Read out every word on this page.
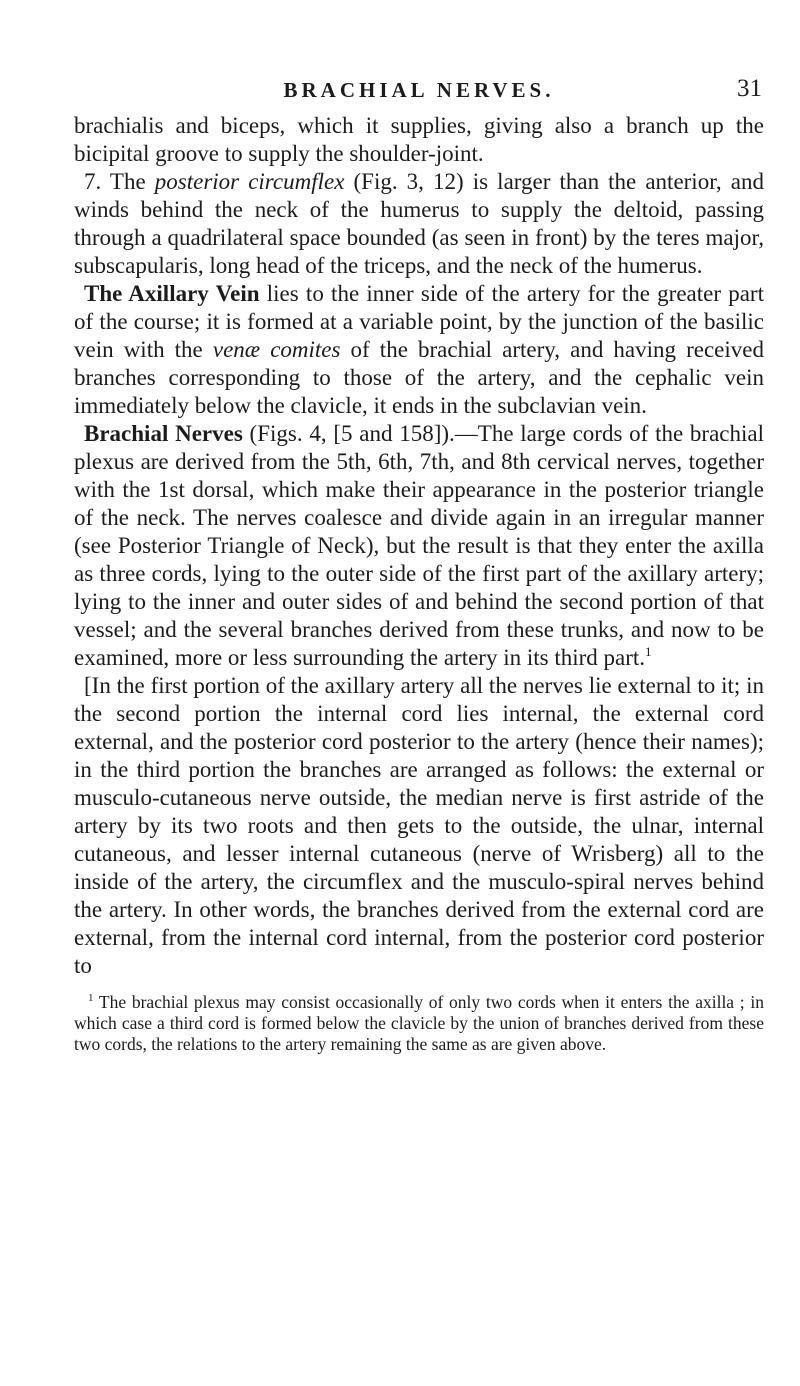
BRACHIAL NERVES.	31

brachialis and biceps, which it supplies, giving also a branch up the bicipital groove to supply the shoulder-joint.

7. The posterior circumflex (Fig. 3, 12) is larger than the anterior, and winds behind the neck of the humerus to supply the deltoid, passing through a quadrilateral space bounded (as seen in front) by the teres major, subscapularis, long head of the triceps, and the neck of the humerus.

The Axillary Vein lies to the inner side of the artery for the greater part of the course; it is formed at a variable point, by the junction of the basilic vein with the venæ comites of the brachial artery, and having received branches corresponding to those of the artery, and the cephalic vein immediately below the clavicle, it ends in the subclavian vein.

Brachial Nerves (Figs. 4, [5 and 158]).—The large cords of the brachial plexus are derived from the 5th, 6th, 7th, and 8th cervical nerves, together with the 1st dorsal, which make their appearance in the posterior triangle of the neck. The nerves coalesce and divide again in an irregular manner (see Posterior Triangle of Neck), but the result is that they enter the axilla as three cords, lying to the outer side of the first part of the axillary artery; lying to the inner and outer sides of and behind the second portion of that vessel; and the several branches derived from these trunks, and now to be examined, more or less surrounding the artery in its third part.$^1$

[In the first portion of the axillary artery all the nerves lie external to it; in the second portion the internal cord lies internal, the external cord external, and the posterior cord posterior to the artery (hence their names); in the third portion the branches are arranged as follows: the external or musculo-cutaneous nerve outside, the median nerve is first astride of the artery by its two roots and then gets to the outside, the ulnar, internal cutaneous, and lesser internal cutaneous (nerve of Wrisberg) all to the inside of the artery, the circumflex and the musculo-spiral nerves behind the artery. In other words, the branches derived from the external cord are external, from the internal cord internal, from the posterior cord posterior to

$^1$ The brachial plexus may consist occasionally of only two cords when it enters the axilla ; in which case a third cord is formed below the clavicle by the union of branches derived from these two cords, the relations to the artery remaining the same as are given above.
